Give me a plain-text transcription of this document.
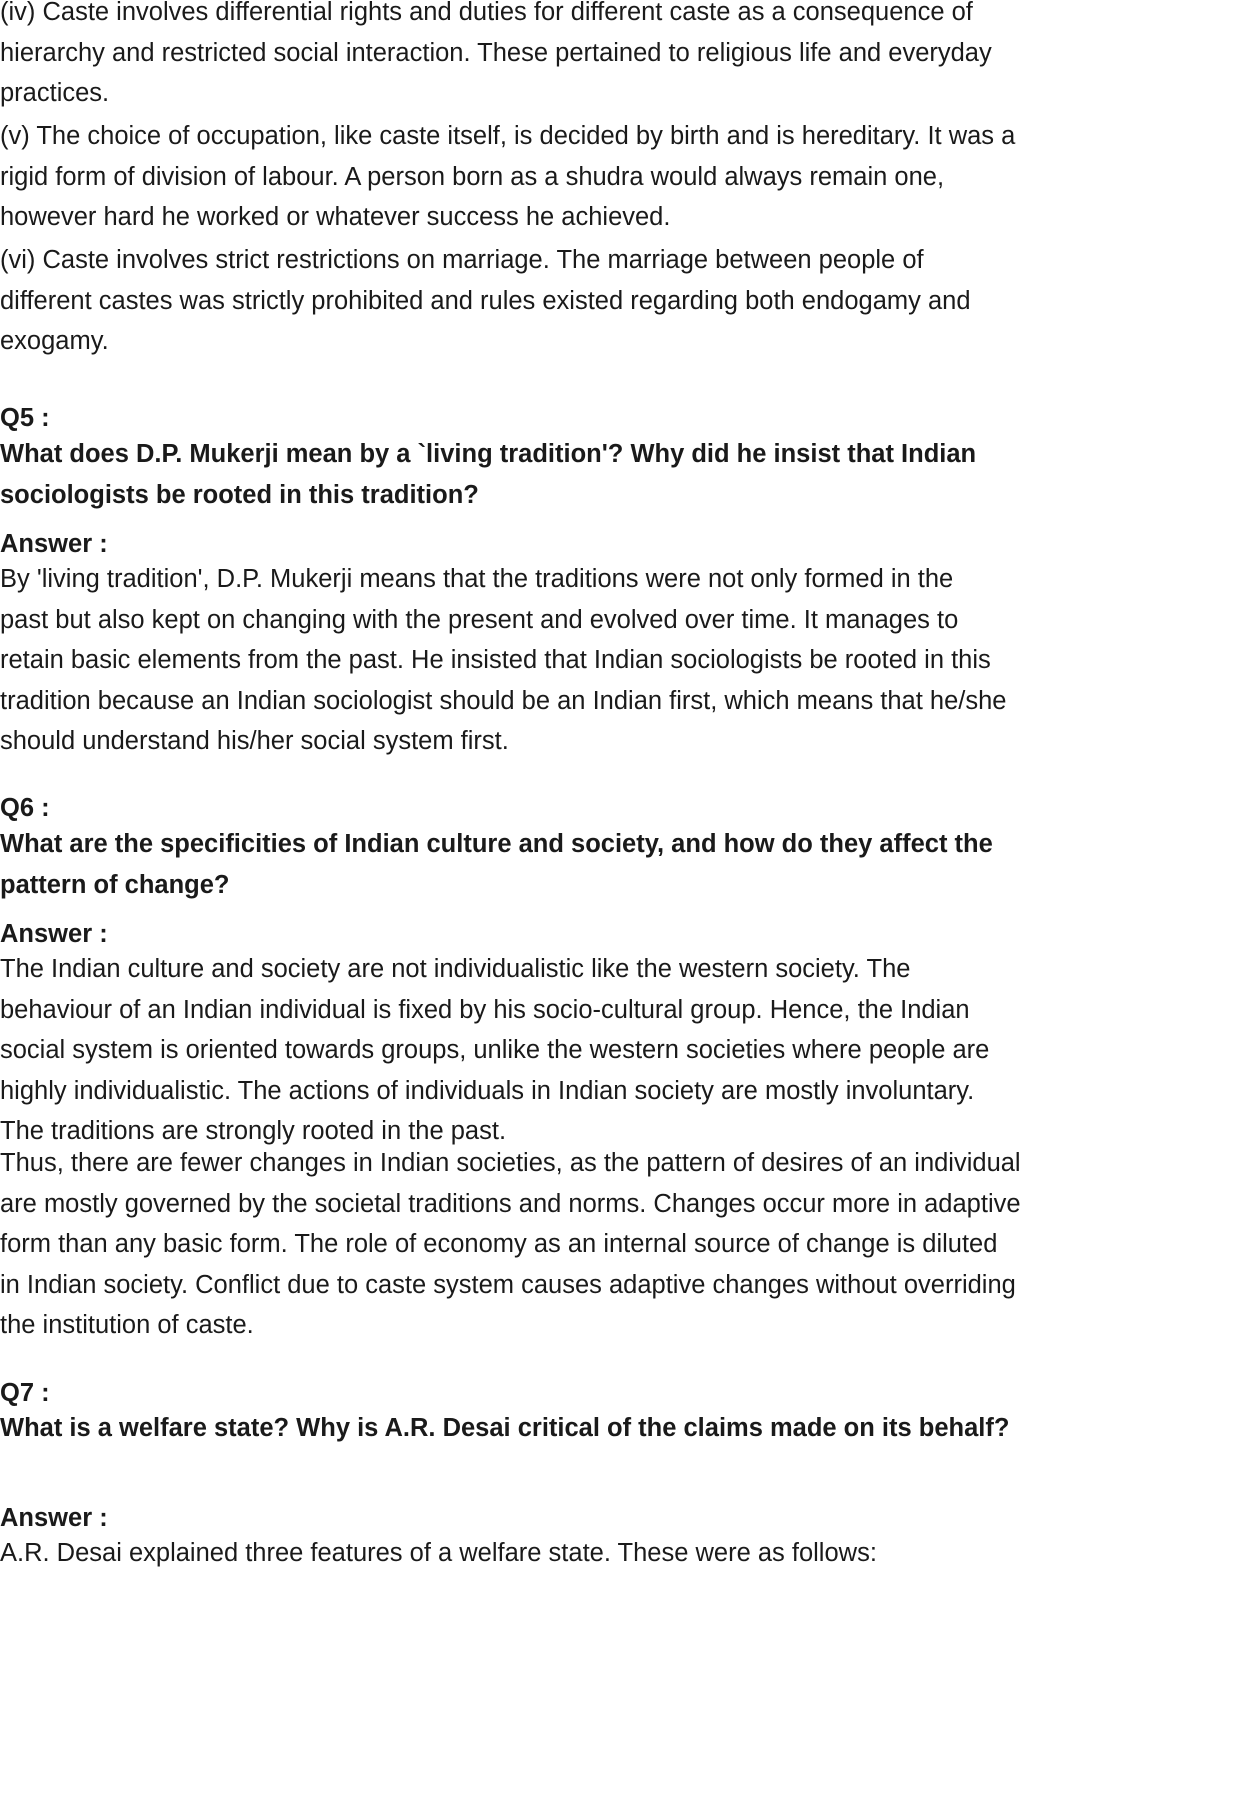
(iv) Caste involves differential rights and duties for different caste as a consequence of
hierarchy and restricted social interaction. These pertained to religious life and everyday
practices.

(v) The choice of occupation, like caste itself, is decided by birth and is hereditary. It was a
rigid form of division of labour. A person born as a shudra would always remain one,
however hard he worked or whatever success he achieved.

(vi) Caste involves strict restrictions on marriage. The marriage between people of
different castes was strictly prohibited and rules existed regarding both endogamy and
exogamy.

Q5 :

What does D.P. Mukerji mean by a `living tradition'? Why did he insist that Indian
sociologists be rooted in this tradition?

Answer :

By 'living tradition', D.P. Mukerji means that the traditions were not only formed in the
past but also kept on changing with the present and evolved over time. It manages to
retain basic elements from the past. He insisted that Indian sociologists be rooted in this
tradition because an Indian sociologist should be an Indian first, which means that he/she
should understand his/her social system first.

Q6 :

What are the specificities of Indian culture and society, and how do they affect the
pattern of change?

Answer :

The Indian culture and society are not individualistic like the western society. The
behaviour of an Indian individual is fixed by his socio-cultural group. Hence, the Indian
social system is oriented towards groups, unlike the western societies where people are
highly individualistic. The actions of individuals in Indian society are mostly involuntary.
The traditions are strongly rooted in the past.

Thus, there are fewer changes in Indian societies, as the pattern of desires of an individual
are mostly governed by the societal traditions and norms. Changes occur more in adaptive
form than any basic form. The role of economy as an internal source of change is diluted
in Indian society. Conflict due to caste system causes adaptive changes without overriding
the institution of caste.

Q7 :

What is a welfare state? Why is A.R. Desai critical of the claims made on its behalf?

Answer :

A.R. Desai explained three features of a welfare state. These were as follows:
